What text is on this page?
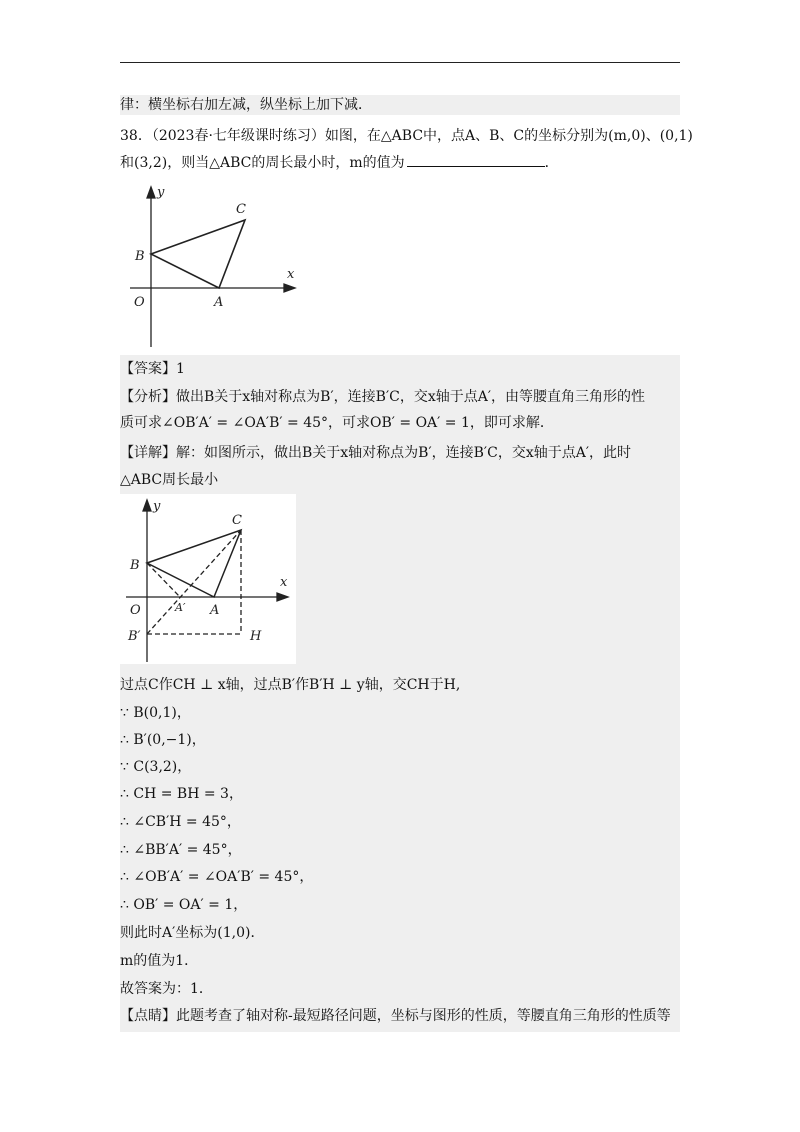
律：横坐标右加左减，纵坐标上加下减．
38．（2023春·七年级课时练习）如图，在△ABC中，点A、B、C的坐标分别为(m,0)、(0,1)
和(3,2)，则当△ABC的周长最小时，m的值为	．
y
x
C
B
O	A
【答案】1
【分析】做出B关于x轴对称点为B′，连接B′C，交x轴于点A′，由等腰直角三角形的性
质可求∠OB′A′ = ∠OA′B′ = 45°，可求OB′ = OA′ = 1，即可求解．
【详解】解：如图所示，做出B关于x轴对称点为B′，连接B′C，交x轴于点A′，此时
△ABC周长最小
y
x
C
B
O	A′ A
B′	H
过点C作CH ⊥ x轴，过点B′作B′H ⊥ y轴，交CH于H,
∵ B(0,1)，
∴ B′(0,−1)，
∵ C(3,2)，
∴ CH = BH = 3，
∴ ∠CB′H = 45°，
∴ ∠BB′A′ = 45°，
∴ ∠OB′A′ = ∠OA′B′ = 45°，
∴ OB′ = OA′ = 1，
则此时A′坐标为(1,0)．
m的值为1．
故答案为：1．
【点睛】此题考查了轴对称-最短路径问题，坐标与图形的性质，等腰直角三角形的性质等
